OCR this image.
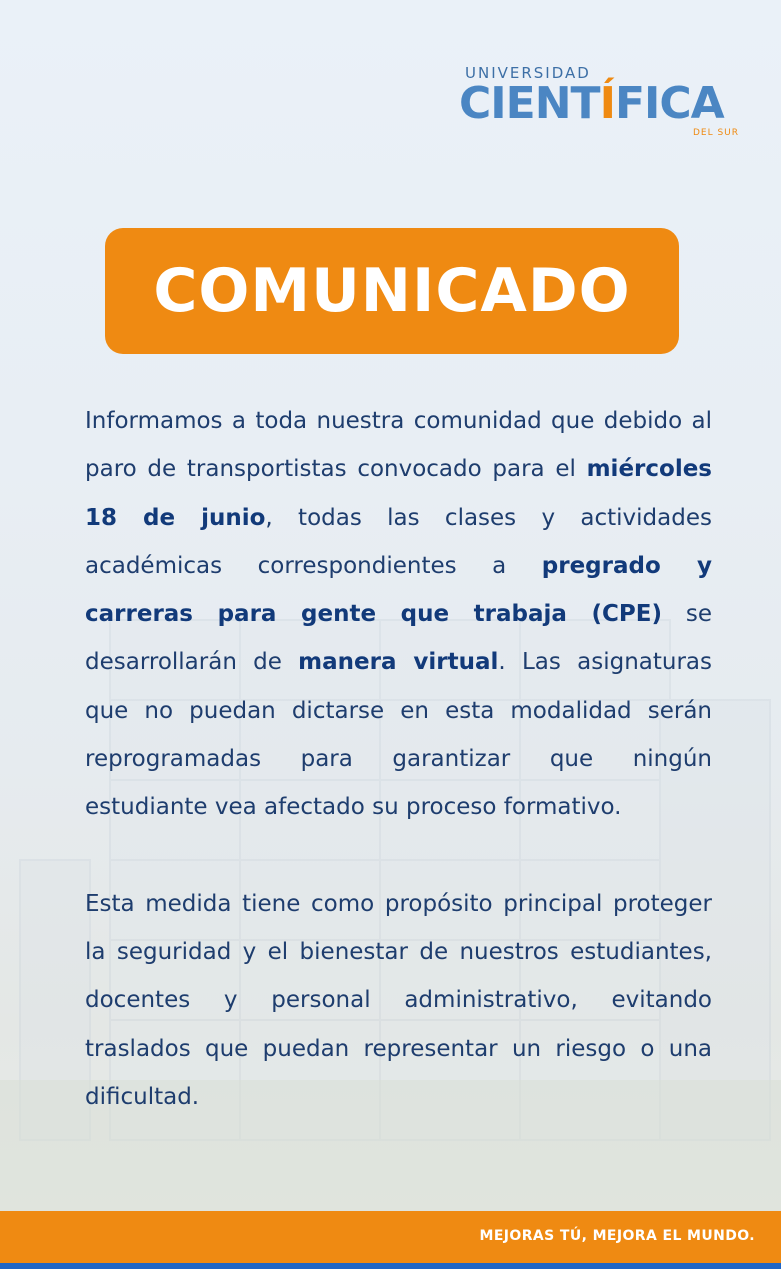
UNIVERSIDAD
CIENTÍFICA
DEL SUR
COMUNICADO

Informamos a toda nuestra comunidad que debido al paro de transportistas convocado para el miércoles 18 de junio, todas las clases y actividades académicas correspondientes a pregrado y carreras para gente que trabaja (CPE) se desarrollarán de manera virtual. Las asignaturas que no puedan dictarse en esta modalidad serán reprogramadas para garantizar que ningún estudiante vea afectado su proceso formativo.

Esta medida tiene como propósito principal proteger la seguridad y el bienestar de nuestros estudiantes, docentes y personal administrativo, evitando traslados que puedan representar un riesgo o una dificultad.

MEJORAS TÚ, MEJORA EL MUNDO.
